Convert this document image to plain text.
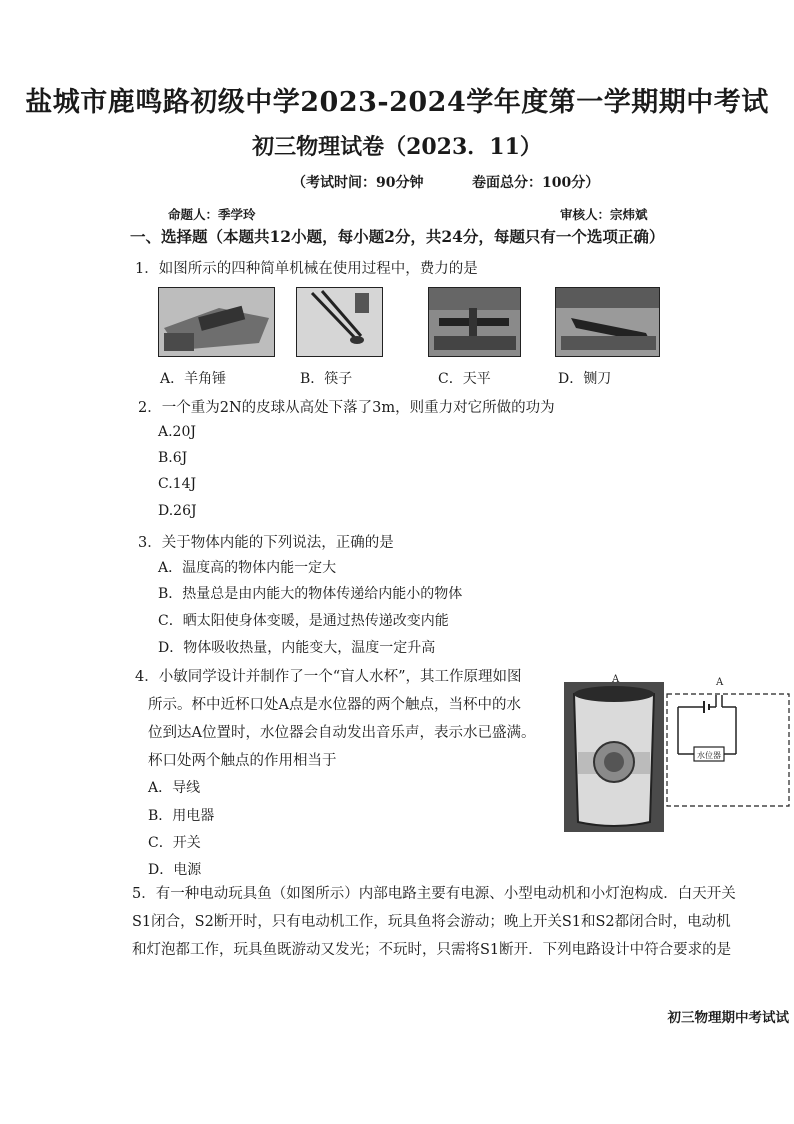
盐城市鹿鸣路初级中学2023-2024学年度第一学期期中考试
初三物理试卷（2023．11）
（考试时间：90分钟	卷面总分：100分）
命题人：季学玲	审核人：宗炜斌
一、选择题（本题共12小题，每小题2分，共24分，每题只有一个选项正确）
1．如图所示的四种简单机械在使用过程中，费力的是
A．羊角锤	B．筷子	C．天平	D．铡刀
2．一个重为2N的皮球从高处下落了3m，则重力对它所做的功为
A.20J
B.6J
C.14J
D.26J
3．关于物体内能的下列说法，正确的是
A．温度高的物体内能一定大
B．热量总是由内能大的物体传递给内能小的物体
C．晒太阳使身体变暖，是通过热传递改变内能
D．物体吸收热量，内能变大，温度一定升高
4．小敏同学设计并制作了一个“盲人水杯”，其工作原理如图
所示。杯中近杯口处A点是水位器的两个触点，当杯中的水
位到达A位置时，水位器会自动发出音乐声，表示水已盛满。
杯口处两个触点的作用相当于
A．导线
B．用电器
C．开关
D．电源
A	A
水位器
5．有一种电动玩具鱼（如图所示）内部电路主要有电源、小型电动机和小灯泡构成．白天开关
S1闭合，S2断开时，只有电动机工作，玩具鱼将会游动；晚上开关S1和S2都闭合时，电动机
和灯泡都工作，玩具鱼既游动又发光；不玩时，只需将S1断开．下列电路设计中符合要求的是
初三物理期中考试试
